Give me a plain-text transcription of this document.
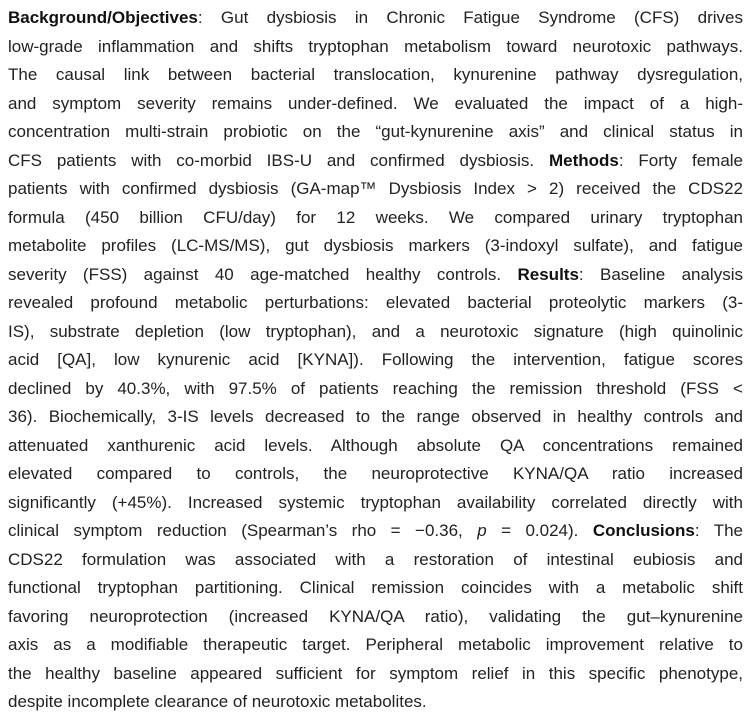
Background/Objectives: Gut dysbiosis in Chronic Fatigue Syndrome (CFS) drives
low-grade inflammation and shifts tryptophan metabolism toward neurotoxic pathways.
The causal link between bacterial translocation, kynurenine pathway dysregulation,
and symptom severity remains under-defined. We evaluated the impact of a high-
concentration multi-strain probiotic on the “gut-kynurenine axis” and clinical status in
CFS patients with co-morbid IBS-U and confirmed dysbiosis. Methods: Forty female
patients with confirmed dysbiosis (GA-map™ Dysbiosis Index > 2) received the CDS22
formula (450 billion CFU/day) for 12 weeks. We compared urinary tryptophan
metabolite profiles (LC-MS/MS), gut dysbiosis markers (3-indoxyl sulfate), and fatigue
severity (FSS) against 40 age-matched healthy controls. Results: Baseline analysis
revealed profound metabolic perturbations: elevated bacterial proteolytic markers (3-
IS), substrate depletion (low tryptophan), and a neurotoxic signature (high quinolinic
acid [QA], low kynurenic acid [KYNA]). Following the intervention, fatigue scores
declined by 40.3%, with 97.5% of patients reaching the remission threshold (FSS <
36). Biochemically, 3-IS levels decreased to the range observed in healthy controls and
attenuated xanthurenic acid levels. Although absolute QA concentrations remained
elevated compared to controls, the neuroprotective KYNA/QA ratio increased
significantly (+45%). Increased systemic tryptophan availability correlated directly with
clinical symptom reduction (Spearman’s rho = −0.36, p = 0.024). Conclusions: The
CDS22 formulation was associated with a restoration of intestinal eubiosis and
functional tryptophan partitioning. Clinical remission coincides with a metabolic shift
favoring neuroprotection (increased KYNA/QA ratio), validating the gut–kynurenine
axis as a modifiable therapeutic target. Peripheral metabolic improvement relative to
the healthy baseline appeared sufficient for symptom relief in this specific phenotype,
despite incomplete clearance of neurotoxic metabolites.
